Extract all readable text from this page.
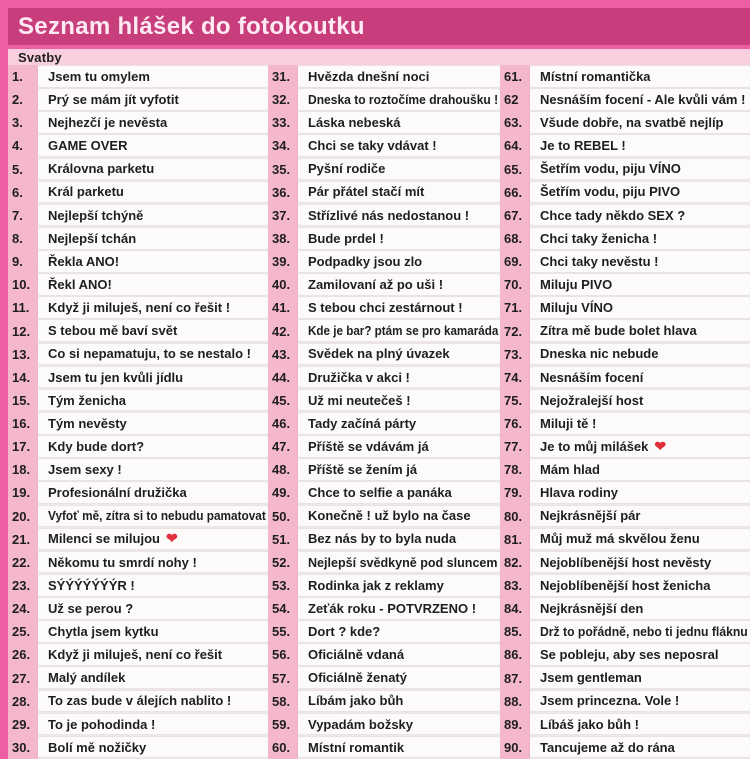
Seznam hlášek do fotokoutku
Svatby
1.	Jsem tu omylem
2.	Prý se mám jít vyfotit
3.	Nejhezčí je nevěsta
4.	GAME OVER
5.	Královna parketu
6.	Král parketu
7.	Nejlepší tchýně
8.	Nejlepší tchán
9.	Řekla ANO!
10.	Řekl ANO!
11.	Když ji miluješ, není co řešit !
12.	S tebou mě baví svět
13.	Co si nepamatuju, to se nestalo !
14.	Jsem tu jen kvůli jídlu
15.	Tým ženicha
16.	Tým nevěsty
17.	Kdy bude dort?
18.	Jsem sexy !
19.	Profesionální družička
20.	Vyfoť mě, zítra si to nebudu pamatovat
21.	Milenci se milujou ❤
22.	Někomu tu smrdí nohy !
23.	SÝÝÝÝÝÝÝR !
24.	Už se perou ?
25.	Chytla jsem kytku
26.	Když ji miluješ, není co řešit
27.	Malý andílek
28.	To zas bude v álejích nablito !
29.	To je pohodinda !
30.	Bolí mě nožičky
31.	Hvězda dnešní noci
32.	Dneska to roztočíme drahoušku !
33.	Láska nebeská
34.	Chci se taky vdávat !
35.	Pyšní rodiče
36.	Pár přátel stačí mít
37.	Střízlivé nás nedostanou !
38.	Bude prdel !
39.	Podpadky jsou zlo
40.	Zamilovaní až po uši !
41.	S tebou chci zestárnout !
42.	Kde je bar? ptám se pro kamaráda
43.	Svědek na plný úvazek
44.	Družička v akci !
45.	Už mi neutečeš !
46.	Tady začíná párty
47.	Příště se vdávám já
48.	Příště se žením já
49.	Chce to selfie a panáka
50.	Konečně ! už bylo na čase
51.	Bez nás by to byla nuda
52.	Nejlepší svědkyně pod sluncem
53.	Rodinka jak z reklamy
54.	Zeťák roku - POTVRZENO !
55.	Dort ? kde?
56.	Oficiálně vdaná
57.	Oficiálně ženatý
58.	Líbám jako bůh
59.	Vypadám božsky
60.	Místní romantik
61.	Místní romantička
62	Nesnáším focení - Ale kvůli vám !
63.	Všude dobře, na svatbě nejlíp
64.	Je to REBEL !
65.	Šetřím vodu, piju VÍNO
66.	Šetřím vodu, piju PIVO
67.	Chce tady někdo SEX ?
68.	Chci taky ženicha !
69.	Chci taky nevěstu !
70.	Miluju PIVO
71.	Miluju VÍNO
72.	Zítra mě bude bolet hlava
73.	Dneska nic nebude
74.	Nesnáším focení
75.	Nejožralejší host
76.	Miluji tě !
77.	Je to můj milášek ❤
78.	Mám hlad
79.	Hlava rodiny
80.	Nejkrásnější pár
81.	Můj muž má skvělou ženu
82.	Nejoblíbenější host nevěsty
83.	Nejoblíbenější host ženicha
84.	Nejkrásnější den
85.	Drž to pořádně, nebo ti jednu fláknu
86.	Se pobleju, aby ses neposral
87.	Jsem gentleman
88.	Jsem princezna. Vole !
89.	Líbáš jako bůh !
90.	Tancujeme až do rána
